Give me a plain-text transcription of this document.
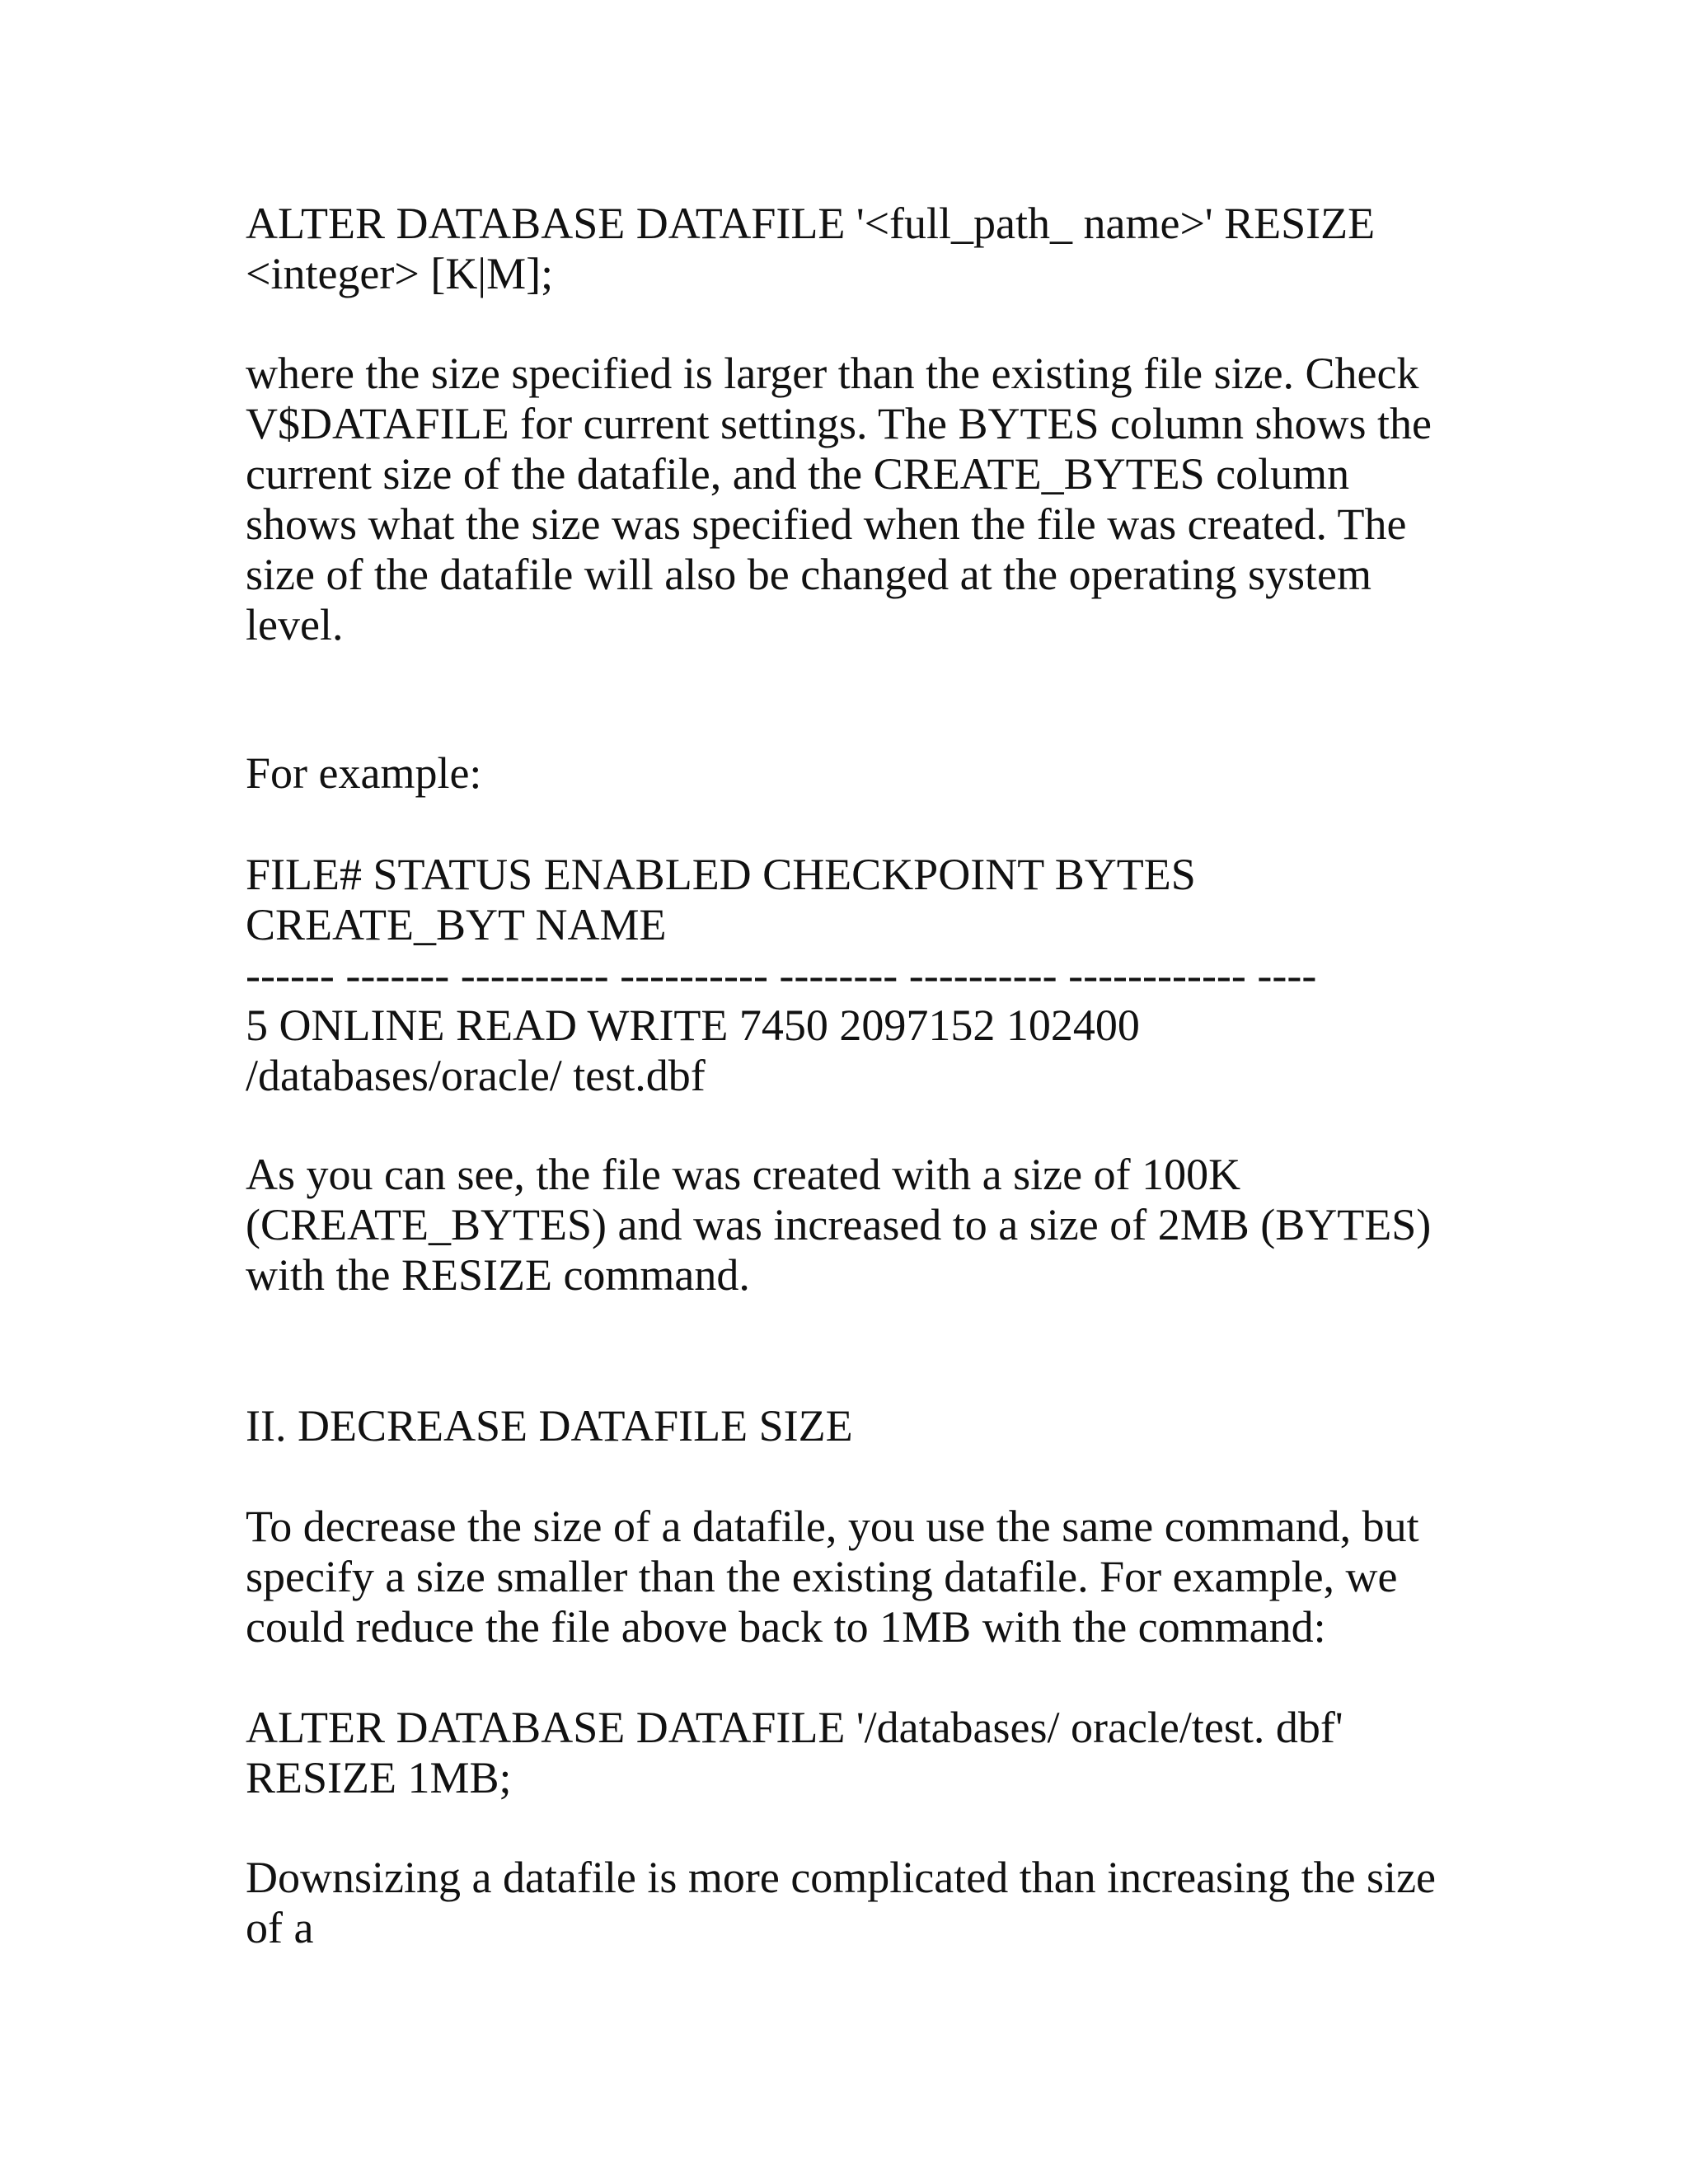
ALTER DATABASE DATAFILE '<full_path_ name>' RESIZE
<integer> [K|M];
where the size specified is larger than the existing file size. Check
V$DATAFILE for current settings. The BYTES column shows the
current size of the datafile, and the CREATE_BYTES column
shows what the size was specified when the file was created. The
size of the datafile will also be changed at the operating system
level.
For example:
FILE# STATUS ENABLED CHECKPOINT BYTES
CREATE_BYT NAME
------ ------- ---------- ---------- -------- ---------- ------------ ----
5 ONLINE READ WRITE 7450 2097152 102400
/databases/oracle/ test.dbf
As you can see, the file was created with a size of 100K
(CREATE_BYTES) and was increased to a size of 2MB (BYTES)
with the RESIZE command.
II. DECREASE DATAFILE SIZE
To decrease the size of a datafile, you use the same command, but
specify a size smaller than the existing datafile. For example, we
could reduce the file above back to 1MB with the command:
ALTER DATABASE DATAFILE '/databases/ oracle/test. dbf'
RESIZE 1MB;
Downsizing a datafile is more complicated than increasing the size
of a
